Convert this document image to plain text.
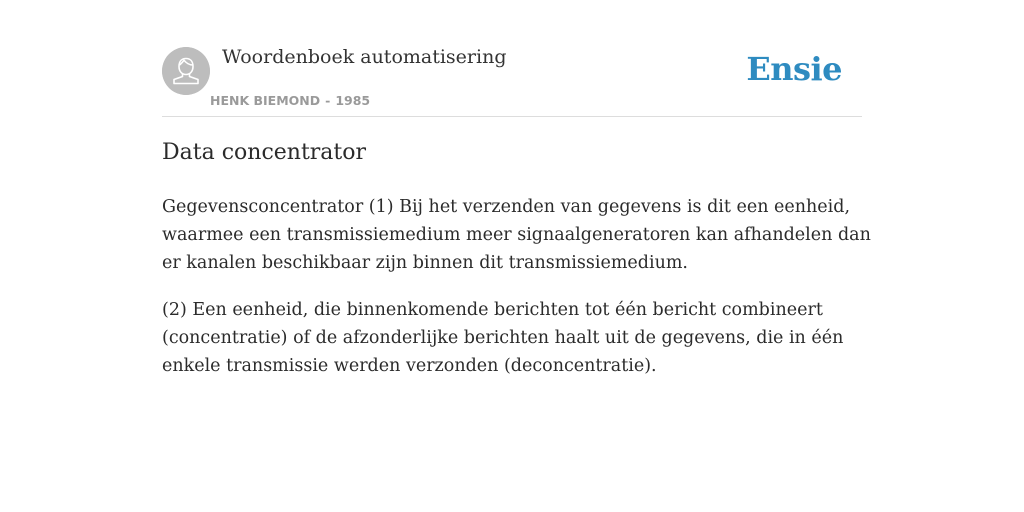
Woordenboek automatisering
HENK BIEMOND - 1985
Ensie
Data concentrator

Gegevensconcentrator (1) Bij het verzenden van gegevens is dit een eenheid, waarmee een transmissiemedium meer signaalgeneratoren kan afhandelen dan er kanalen beschikbaar zijn binnen dit transmissiemedium.

(2) Een eenheid, die binnenkomende berichten tot één bericht combineert (concentratie) of de afzonderlijke berichten haalt uit de gegevens, die in één enkele transmissie werden verzonden (deconcentratie).
